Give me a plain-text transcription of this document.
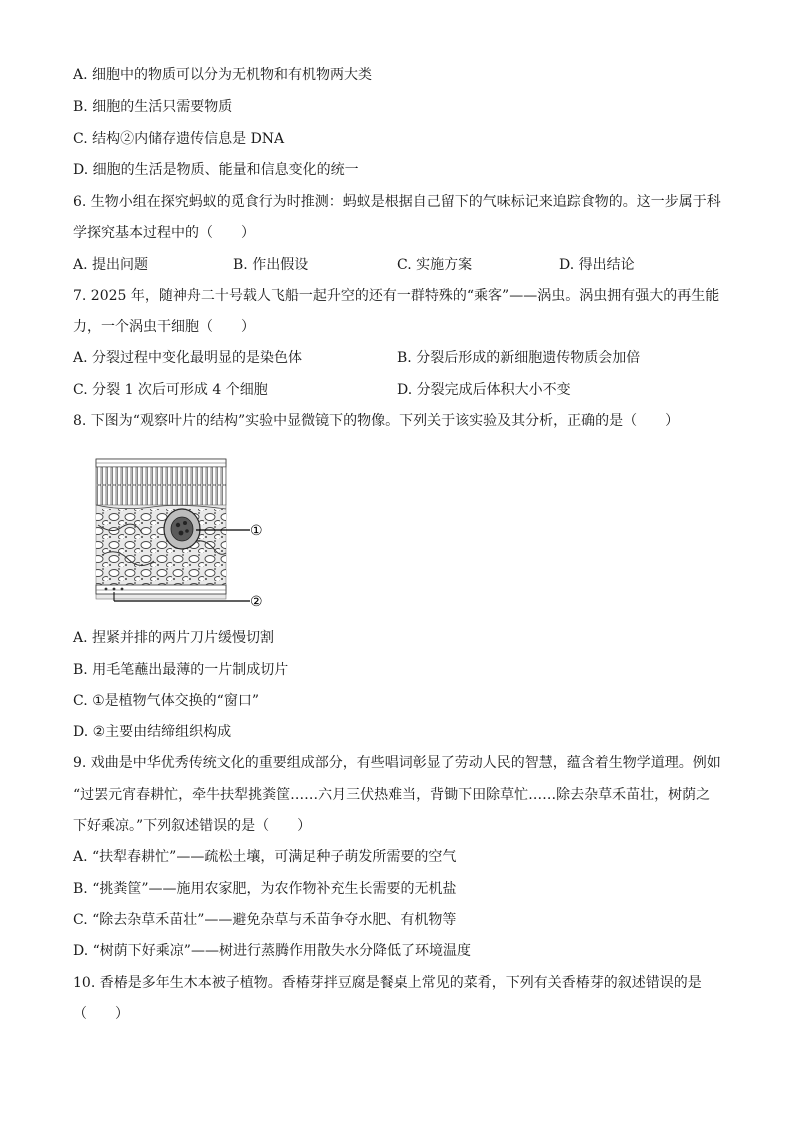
A. 细胞中的物质可以分为无机物和有机物两大类
B. 细胞的生活只需要物质
C. 结构②内储存遗传信息是 DNA
D. 细胞的生活是物质、能量和信息变化的统一
6. 生物小组在探究蚂蚁的觅食行为时推测：蚂蚁是根据自己留下的气味标记来追踪食物的。这一步属于科
学探究基本过程中的（　　）
A. 提出问题	B. 作出假设	C. 实施方案	D. 得出结论
7. 2025 年，随神舟二十号载人飞船一起升空的还有一群特殊的“乘客”——涡虫。涡虫拥有强大的再生能
力，一个涡虫干细胞（　　）
A. 分裂过程中变化最明显的是染色体	B. 分裂后形成的新细胞遗传物质会加倍
C. 分裂 1 次后可形成 4 个细胞	D. 分裂完成后体积大小不变
8. 下图为“观察叶片的结构”实验中显微镜下的物像。下列关于该实验及其分析，正确的是（　　）
①
②
A. 捏紧并排的两片刀片缓慢切割
B. 用毛笔蘸出最薄的一片制成切片
C. ①是植物气体交换的“窗口”
D. ②主要由结缔组织构成
9. 戏曲是中华优秀传统文化的重要组成部分，有些唱词彰显了劳动人民的智慧，蕴含着生物学道理。例如
“过罢元宵春耕忙，牵牛扶犁挑粪筐……六月三伏热难当，背锄下田除草忙……除去杂草禾苗壮，树荫之
下好乘凉。”下列叙述错误的是（　　）
A. “扶犁春耕忙”——疏松土壤，可满足种子萌发所需要的空气
B. “挑粪筐”——施用农家肥，为农作物补充生长需要的无机盐
C. “除去杂草禾苗壮”——避免杂草与禾苗争夺水肥、有机物等
D. “树荫下好乘凉”——树进行蒸腾作用散失水分降低了环境温度
10. 香椿是多年生木本被子植物。香椿芽拌豆腐是餐桌上常见的菜肴，下列有关香椿芽的叙述错误的是
（　　）
